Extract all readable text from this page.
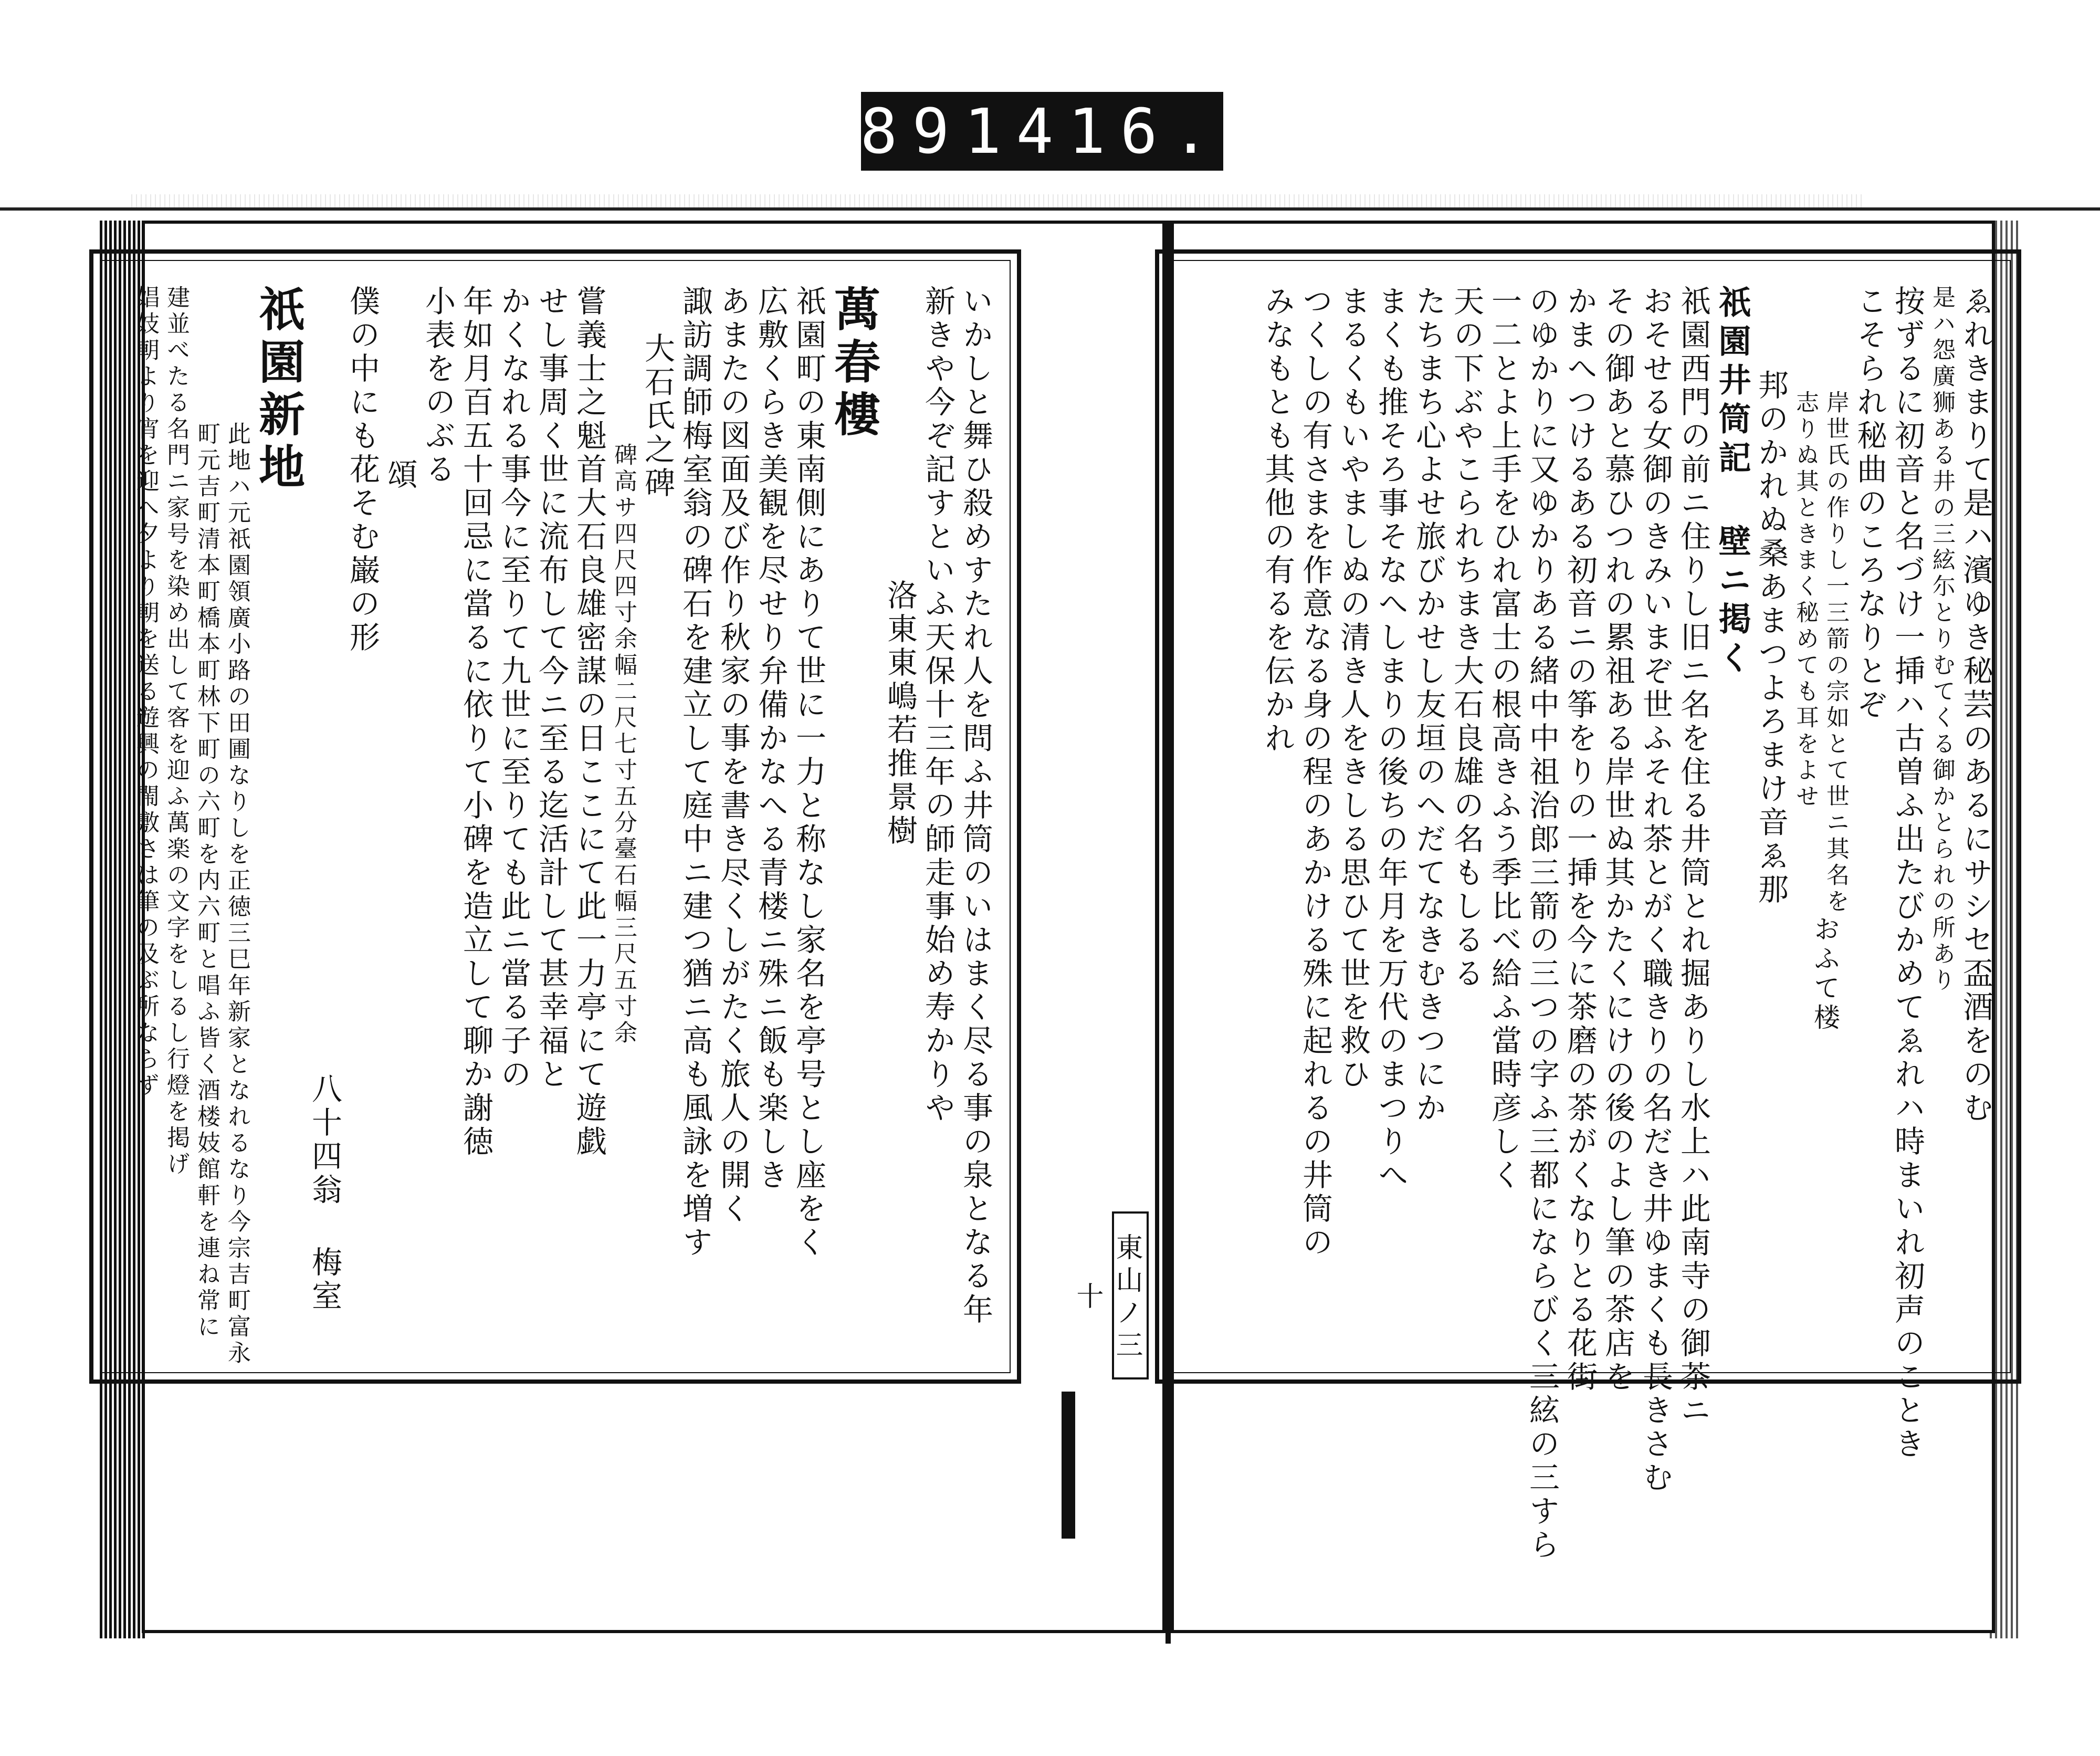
891 416.
いかしと舞ひ殺めすたれ人を問ふ井筒のいはまく尽る事の泉となる年
新きや今ぞ記すといふ天保十三年の師走事始め寿かりや
洛東東嶋若推景樹
萬春樓
祇園町の東南側にありて世に一力と称なし家名を亭号とし座をく
広敷くらき美観を尽せり弁備かなへる青楼ニ殊ニ飯も楽しき
あまたの図面及び作り秋家の事を書き尽くしがたく旅人の開く
諏訪調師梅室翁の碑石を建立して庭中ニ建つ猶ニ高も風詠を増す
大石氏之碑
碑高サ四尺四寸余幅二尺七寸五分臺石幅三尺五寸余
嘗義士之魁首大石良雄密謀の日ここにて此一力亭にて遊戯
せし事周く世に流布して今ニ至る迄活計して甚幸福と
かくなれる事今に至りて九世に至りても此ニ當る子の
年如月百五十回忌に當るに依りて小碑を造立して聊か謝徳
小表をのぶる
頌
僕の中にも花そむ巌の形
八十四翁 梅室
祇園新地
此地ハ元祇園領廣小路の田圃なりしを正徳三巳年新家となれるなり今宗吉町富永
町元吉町清本町橋本町林下町の六町を内六町と唱ふ皆く酒楼妓館軒を連ね常に
建並べたる名門ニ家号を染め出して客を迎ふ萬楽の文字をしるし行燈を掲げ
娼妓朝より宵を迎へ夕より朝を送る遊興の閙敷さは筆の及ぶ所ならず
東山ノ三十
ゑれきまりて是ハ濱ゆき秘芸のあるにサシセ盃酒をのむ
是ハ怨廣狮ある井の三絃尓とりむてくる御かとられの所あり
按ずるに初音と名づけ一挿ハ古曽ふ出たびかめてゑれハ時まいれ初声のことき
こそられ秘曲のころなりとぞ
岸世氏の作りし一三箭の宗如とて世ニ其名を
志りぬ其ときまく秘めても耳をよせ
邦のかれぬ桑あまつよろまけ音ゑ那
祇園井筒記 壁ニ掲く
祇園西門の前ニ住りし旧ニ名を住る井筒とれ掘ありし水上ハ此南寺の御茶ニ
おそせる女御のきみいまぞ世ふそれ茶とがく職きりの名だき井ゆまくも長きさむ
その御あと慕ひつれの累祖ある岸世ぬ其かたくにけの後のよし筆の茶店を
かまへつけるある初音ニの筝をりの一挿を今に茶磨の茶がくなりとる花街
のゆかりに又ゆかりある緒中中祖治郎三箭の三つの字ふ三都にならびく三絃の三すら
一二とよ上手をひれ富士の根高きふう季比べ給ふ當時彦しく
天の下ぶやこられちまき大石良雄の名もしるる
たちまち心よせ旅びかせし友垣のへだてなきむきつにか
まくも推そろ事そなへしまりの後ちの年月を万代のまつりへ
まるくもいやましぬの清き人をきしる思ひて世を救ひ
つくしの有さまを作意なる身の程のあかける殊に起れるの井筒の
みなもとも其他の有るを伝かれ
おふて楼
